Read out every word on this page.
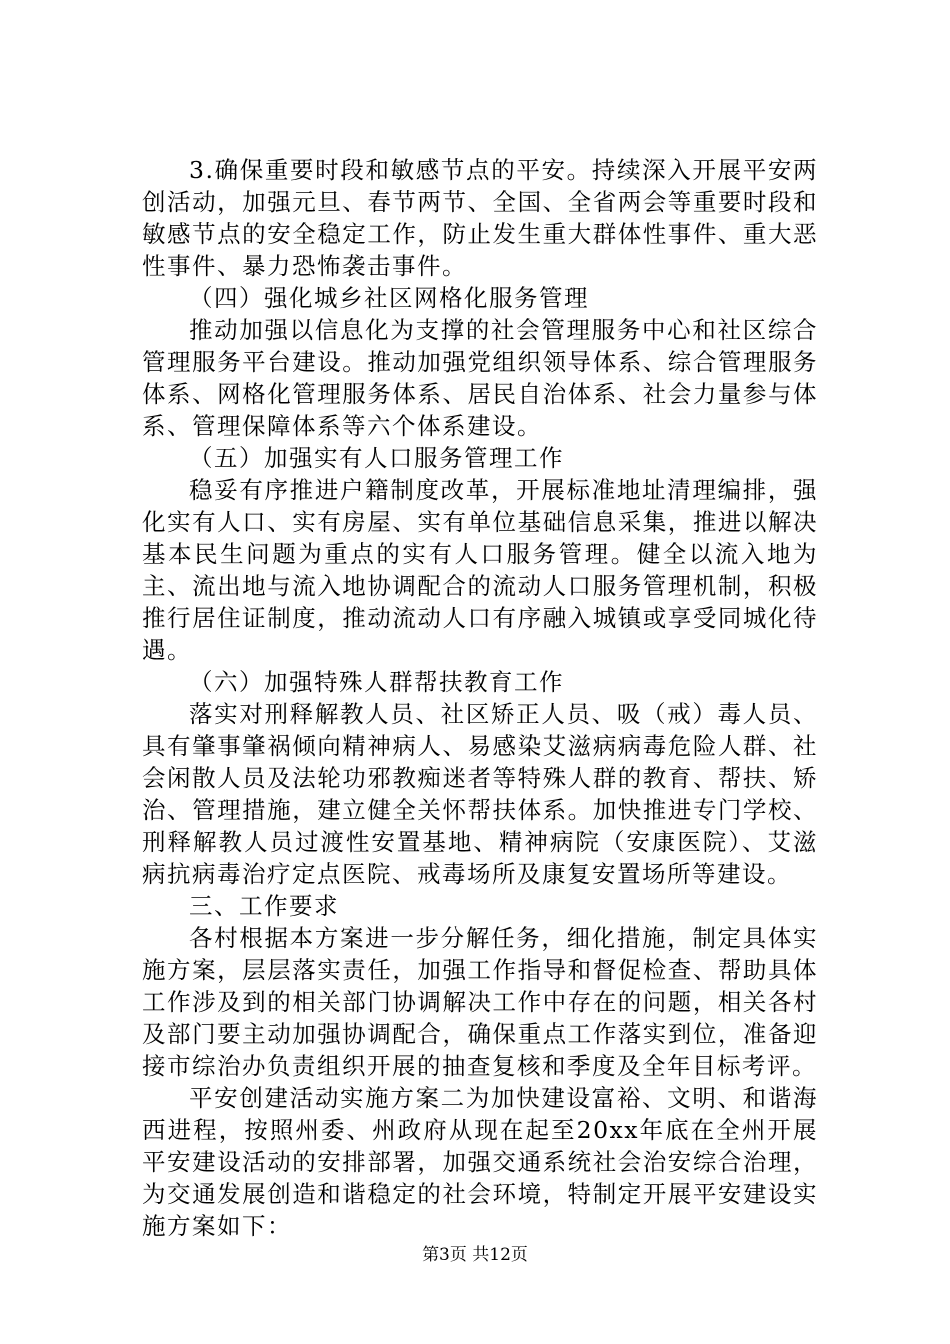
3.确保重要时段和敏感节点的平安。持续深入开展平安两创活动，加强元旦、春节两节、全国、全省两会等重要时段和敏感节点的安全稳定工作，防止发生重大群体性事件、重大恶性事件、暴力恐怖袭击事件。

（四）强化城乡社区网格化服务管理

推动加强以信息化为支撑的社会管理服务中心和社区综合管理服务平台建设。推动加强党组织领导体系、综合管理服务体系、网格化管理服务体系、居民自治体系、社会力量参与体系、管理保障体系等六个体系建设。

（五）加强实有人口服务管理工作

稳妥有序推进户籍制度改革，开展标准地址清理编排，强化实有人口、实有房屋、实有单位基础信息采集，推进以解决基本民生问题为重点的实有人口服务管理。健全以流入地为主、流出地与流入地协调配合的流动人口服务管理机制，积极推行居住证制度，推动流动人口有序融入城镇或享受同城化待遇。

（六）加强特殊人群帮扶教育工作

落实对刑释解教人员、社区矫正人员、吸（戒）毒人员、具有肇事肇祸倾向精神病人、易感染艾滋病病毒危险人群、社会闲散人员及法轮功邪教痴迷者等特殊人群的教育、帮扶、矫治、管理措施，建立健全关怀帮扶体系。加快推进专门学校、刑释解教人员过渡性安置基地、精神病院（安康医院）、艾滋病抗病毒治疗定点医院、戒毒场所及康复安置场所等建设。

三、工作要求

各村根据本方案进一步分解任务，细化措施，制定具体实施方案，层层落实责任，加强工作指导和督促检查、帮助具体工作涉及到的相关部门协调解决工作中存在的问题，相关各村及部门要主动加强协调配合，确保重点工作落实到位，准备迎接市综治办负责组织开展的抽查复核和季度及全年目标考评。

平安创建活动实施方案二为加快建设富裕、文明、和谐海西进程，按照州委、州政府从现在起至20xx年底在全州开展平安建设活动的安排部署，加强交通系统社会治安综合治理，为交通发展创造和谐稳定的社会环境，特制定开展平安建设实施方案如下：

第3页 共12页
